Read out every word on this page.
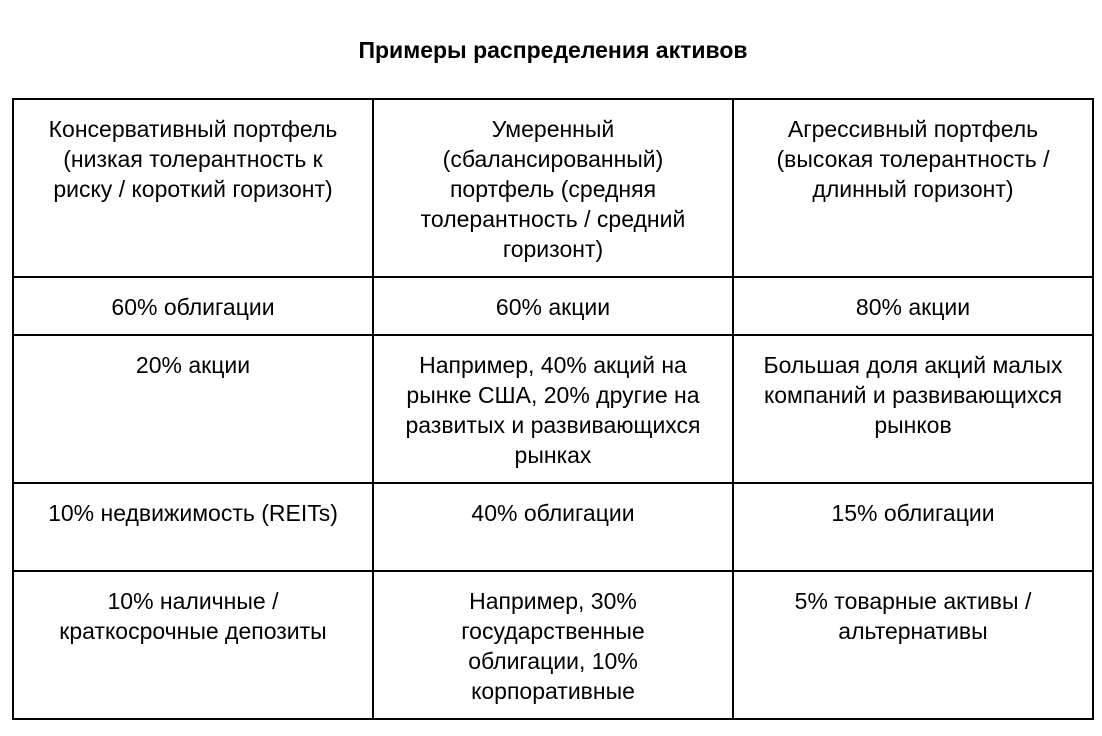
Примеры распределения активов
Консервативный портфель (низкая толерантность к риску / короткий горизонт)	Умеренный (сбалансированный) портфель (средняя толерантность / средний горизонт)	Агрессивный портфель (высокая толерантность / длинный горизонт)

60% облигации	60% акции	80% акции

20% акции	Например, 40% акций на рынке США, 20% другие на развитых и развивающихся рынках	Большая доля акций малых компаний и развивающихся рынков

10% недвижимость (REITs)	40% облигации	15% облигации

10% наличные / краткосрочные депозиты	Например, 30% государственные облигации, 10% корпоративные	5% товарные активы / альтернативы
